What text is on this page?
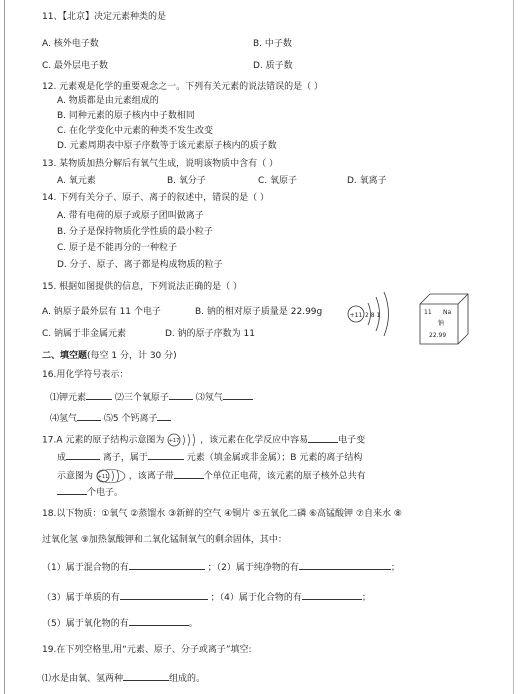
11、【北京】决定元素种类的是
A. 核外电子数	B. 中子数
C. 最外层电子数	D. 质子数
12. 元素观是化学的重要观念之一。下列有关元素的说法错误的是（ ）
A. 物质都是由元素组成的
B. 同种元素的原子核内中子数相同
C. 在化学变化中元素的种类不发生改变
D. 元素周期表中原子序数等于该元素原子核内的质子数
13. 某物质加热分解后有氧气生成，说明该物质中含有（ ）
A. 氧元素	B. 氧分子	C. 氧原子	D. 氧离子
14. 下列有关分子、原子、离子的叙述中，错误的是（ ）
A. 带有电荷的原子或原子团叫做离子
B. 分子是保持物质化学性质的最小粒子
C. 原子是不能再分的一种粒子
D. 分子、原子、离子都是构成物质的粒子
15. 根据如图提供的信息，下列说法正确的是（ ）
A. 钠原子最外层有 11 个电子	B. 钠的相对原子质量是 22.99g
C. 钠属于非金属元素	D. 钠的原子序数为 11
+11 2 8 1	11 Na
钠
22.99
二、填空题(每空 1 分，计 30 分)
16.用化学符号表示：
⑴钾元素	⑵三个氧原子	⑶氖气
⑷氢气	⑸5 个钙离子
17.A 元素的原子结构示意图为 +17 ，该元素在化学反应中容易	电子变
成	离子，属于	元素（填金属或非金属）；B 元素的离子结构
示意图为 +11 ，该离子带	个单位正电荷，该元素的原子核外总共有
个电子。
18.以下物质：①氧气 ②蒸馏水 ③新鲜的空气 ④铜片 ⑤五氧化二磷 ⑥高锰酸钾 ⑦自来水 ⑧
过氧化氢 ⑨加热氯酸钾和二氧化锰制氧气的剩余固体，其中：
（1）属于混合物的有	；（2）属于纯净物的有	；
（3）属于单质的有	；（4）属于化合物的有	；
（5）属于氧化物的有	。
19.在下列空格里,用“元素、原子、分子或离子”填空:
⑴水是由氧、氢两种	组成的。
